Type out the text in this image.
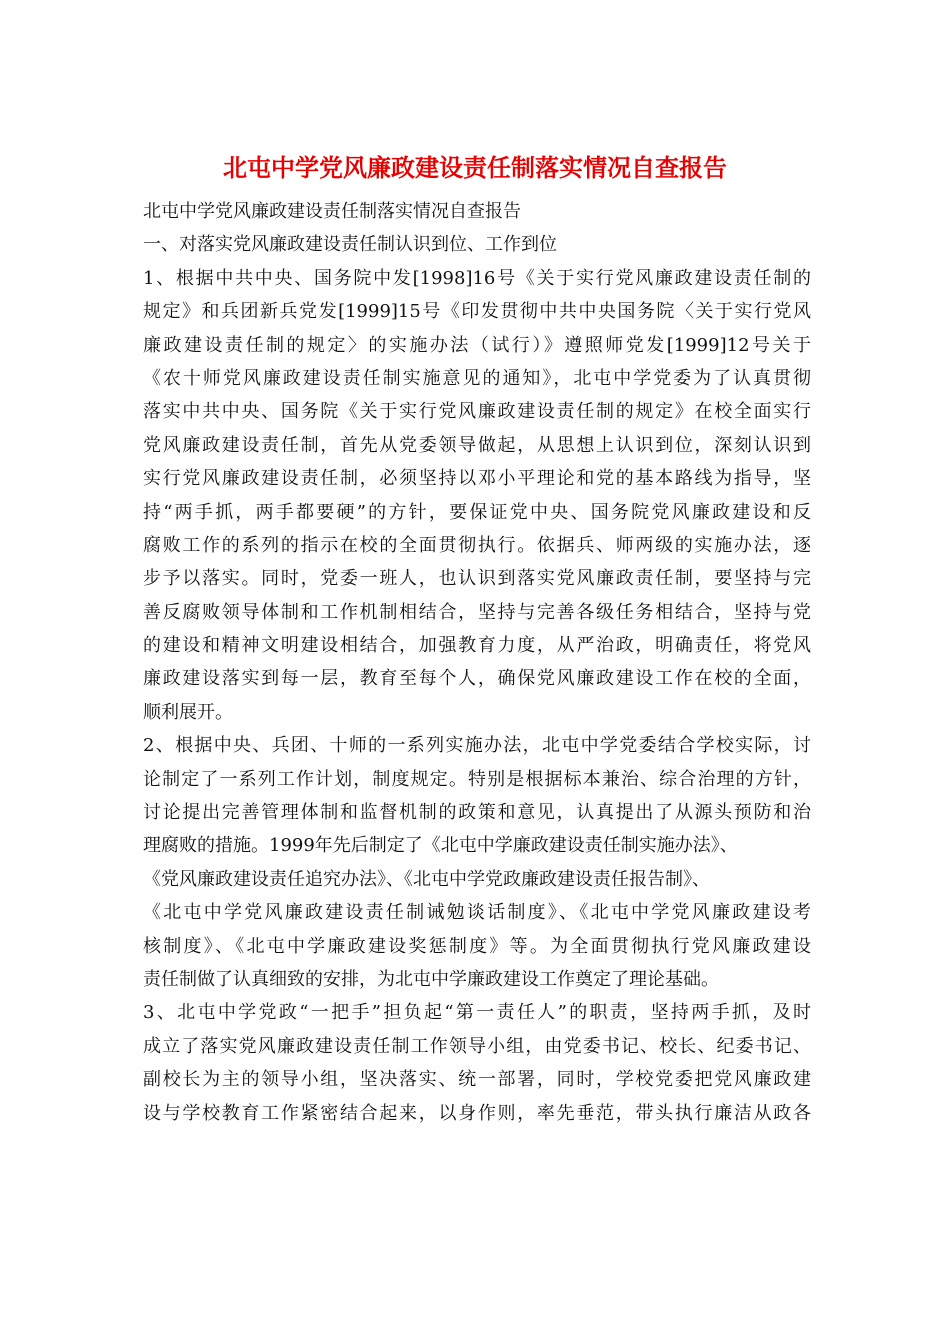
北屯中学党风廉政建设责任制落实情况自查报告
北屯中学党风廉政建设责任制落实情况自查报告
一、对落实党风廉政建设责任制认识到位、工作到位
1、根据中共中央、国务院中发[1998]16号《关于实行党风廉政建设责任制的
规定》和兵团新兵党发[1999]15号《印发贯彻中共中央国务院〈关于实行党风
廉政建设责任制的规定〉的实施办法（试行）》遵照师党发[1999]12号关于
《农十师党风廉政建设责任制实施意见的通知》，北屯中学党委为了认真贯彻
落实中共中央、国务院《关于实行党风廉政建设责任制的规定》在校全面实行
党风廉政建设责任制，首先从党委领导做起，从思想上认识到位，深刻认识到
实行党风廉政建设责任制，必须坚持以邓小平理论和党的基本路线为指导，坚
持“两手抓，两手都要硬”的方针，要保证党中央、国务院党风廉政建设和反
腐败工作的系列的指示在校的全面贯彻执行。依据兵、师两级的实施办法，逐
步予以落实。同时，党委一班人，也认识到落实党风廉政责任制，要坚持与完
善反腐败领导体制和工作机制相结合，坚持与完善各级任务相结合，坚持与党
的建设和精神文明建设相结合，加强教育力度，从严治政，明确责任，将党风
廉政建设落实到每一层，教育至每个人，确保党风廉政建设工作在校的全面，
顺利展开。
2、根据中央、兵团、十师的一系列实施办法，北屯中学党委结合学校实际，讨
论制定了一系列工作计划，制度规定。特别是根据标本兼治、综合治理的方针，
讨论提出完善管理体制和监督机制的政策和意见，认真提出了从源头预防和治
理腐败的措施。1999年先后制定了《北屯中学廉政建设责任制实施办法》、
《党风廉政建设责任追究办法》、《北屯中学党政廉政建设责任报告制》、
《北屯中学党风廉政建设责任制诫勉谈话制度》、《北屯中学党风廉政建设考
核制度》、《北屯中学廉政建设奖惩制度》等。为全面贯彻执行党风廉政建设
责任制做了认真细致的安排，为北屯中学廉政建设工作奠定了理论基础。
3、北屯中学党政“一把手”担负起“第一责任人”的职责，坚持两手抓，及时
成立了落实党风廉政建设责任制工作领导小组，由党委书记、校长、纪委书记、
副校长为主的领导小组，坚决落实、统一部署，同时，学校党委把党风廉政建
设与学校教育工作紧密结合起来，以身作则，率先垂范，带头执行廉洁从政各
